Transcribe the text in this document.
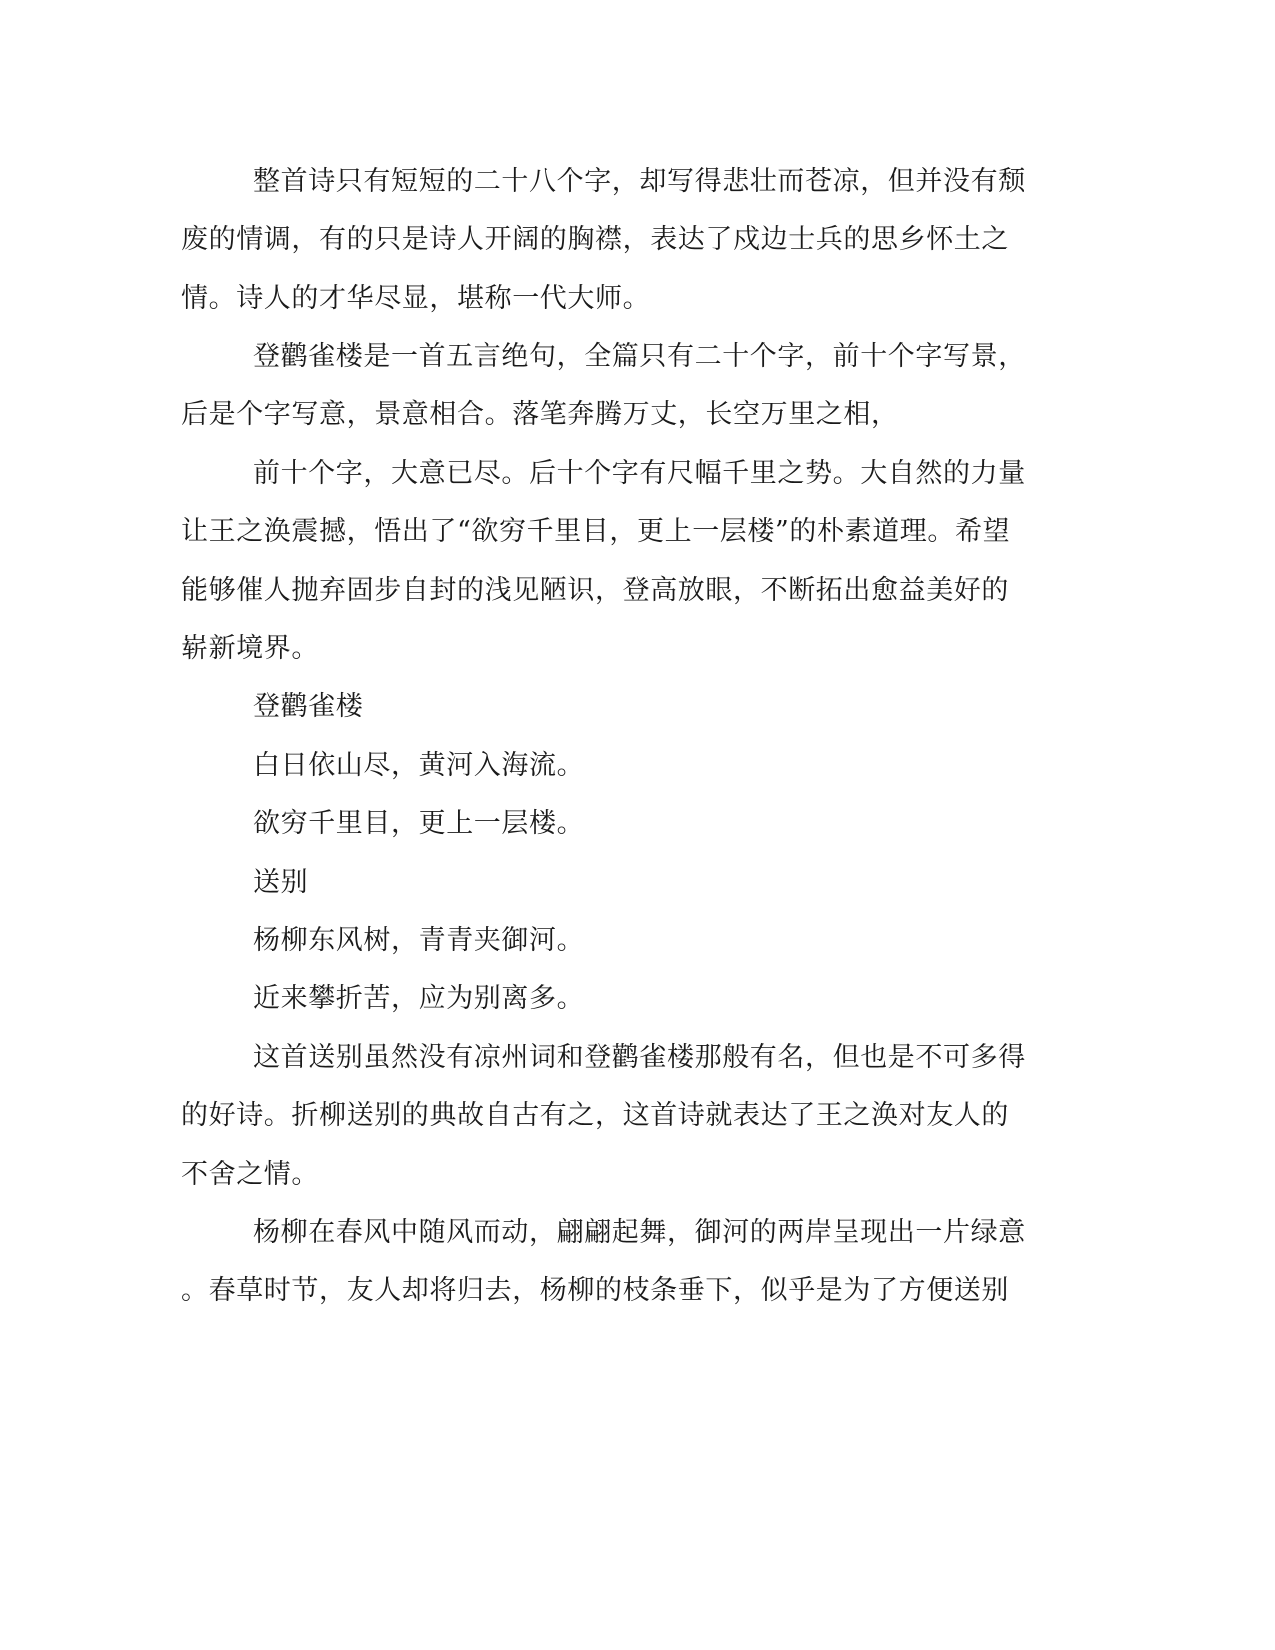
整首诗只有短短的二十八个字，却写得悲壮而苍凉，但并没有颓
废的情调，有的只是诗人开阔的胸襟，表达了戍边士兵的思乡怀土之
情。诗人的才华尽显，堪称一代大师。
登鹳雀楼是一首五言绝句，全篇只有二十个字，前十个字写景，
后是个字写意，景意相合。落笔奔腾万丈，长空万里之相，
前十个字，大意已尽。后十个字有尺幅千里之势。大自然的力量
让王之涣震撼，悟出了“欲穷千里目，更上一层楼”的朴素道理。希望
能够催人抛弃固步自封的浅见陋识，登高放眼，不断拓出愈益美好的
崭新境界。
登鹳雀楼
白日依山尽，黄河入海流。
欲穷千里目，更上一层楼。
送别
杨柳东风树，青青夹御河。
近来攀折苦，应为别离多。
这首送别虽然没有凉州词和登鹳雀楼那般有名，但也是不可多得
的好诗。折柳送别的典故自古有之，这首诗就表达了王之涣对友人的
不舍之情。
杨柳在春风中随风而动，翩翩起舞，御河的两岸呈现出一片绿意
。春草时节，友人却将归去，杨柳的枝条垂下，似乎是为了方便送别
